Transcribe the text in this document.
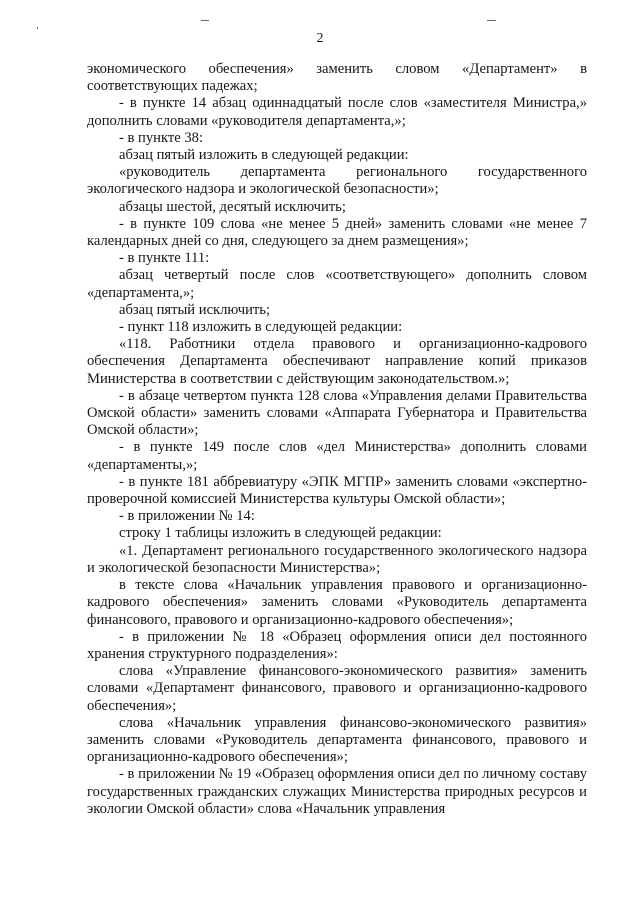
2

экономического обеспечения» заменить словом «Департамент» в соответствующих падежах;

- в пункте 14 абзац одиннадцатый после слов «заместителя Министра,» дополнить словами «руководителя департамента,»;

- в пункте 38:

абзац пятый изложить в следующей редакции:

«руководитель департамента регионального государственного экологического надзора и экологической безопасности»;

абзацы шестой, десятый исключить;

- в пункте 109 слова «не менее 5 дней» заменить словами «не менее 7 календарных дней со дня, следующего за днем размещения»;

- в пункте 111:

абзац четвертый после слов «соответствующего» дополнить словом «департамента,»;

абзац пятый исключить;

- пункт 118 изложить в следующей редакции:

«118. Работники отдела правового и организационно-кадрового обеспечения Департамента обеспечивают направление копий приказов Министерства в соответствии с действующим законодательством.»;

- в абзаце четвертом пункта 128 слова «Управления делами Правительства Омской области» заменить словами «Аппарата Губернатора и Правительства Омской области»;

- в пункте 149 после слов «дел Министерства» дополнить словами «департаменты,»;

- в пункте 181 аббревиатуру «ЭПК МГПР» заменить словами «экспертно-проверочной комиссией Министерства культуры Омской области»;

- в приложении № 14:

строку 1 таблицы изложить в следующей редакции:

«1. Департамент регионального государственного экологического надзора и экологической безопасности Министерства»;

в тексте слова «Начальник управления правового и организационно-кадрового обеспечения» заменить словами «Руководитель департамента финансового, правового и организационно-кадрового обеспечения»;

- в приложении № 18 «Образец оформления описи дел постоянного хранения структурного подразделения»:

слова «Управление финансового-экономического развития» заменить словами «Департамент финансового, правового и организационно-кадрового обеспечения»;

слова «Начальник управления финансово-экономического развития» заменить словами «Руководитель департамента финансового, правового и организационно-кадрового обеспечения»;

- в приложении № 19 «Образец оформления описи дел по личному составу государственных гражданских служащих Министерства природных ресурсов и экологии Омской области» слова «Начальник управления
